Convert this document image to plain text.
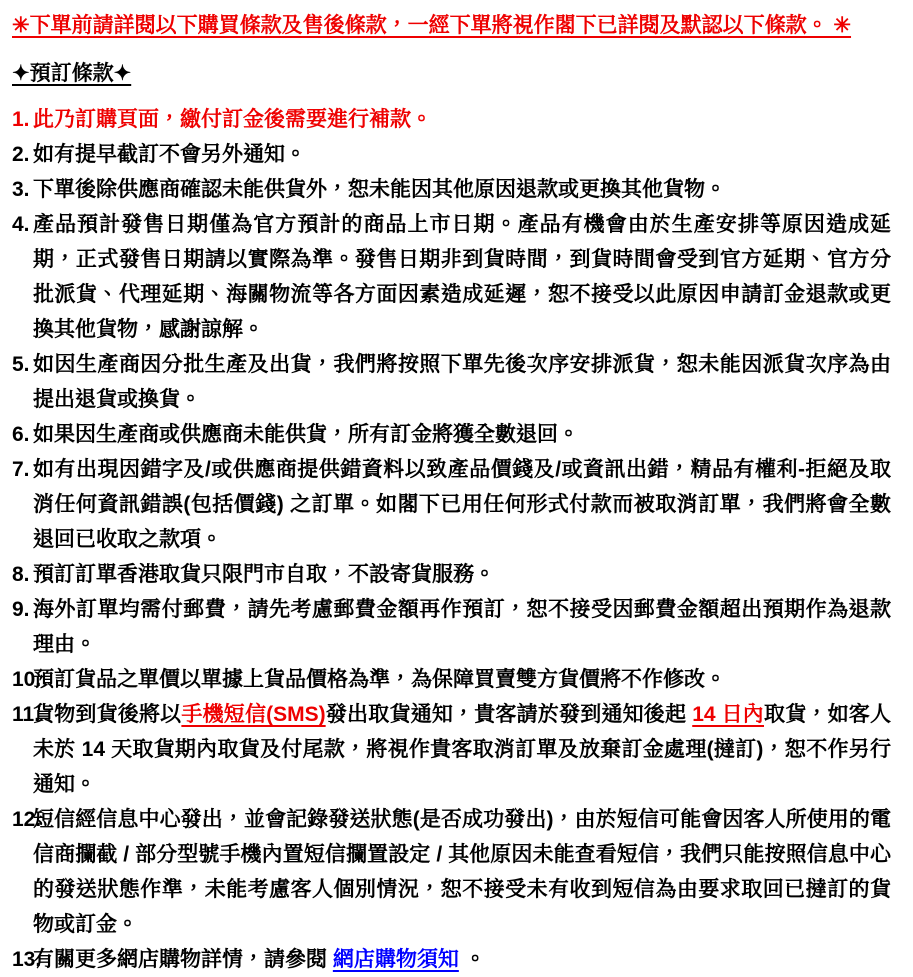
✳下單前請詳閱以下購買條款及售後條款，一經下單將視作閣下已詳閱及默認以下條款。 ✳
✦預訂條款✦
1. 此乃訂購頁面，繳付訂金後需要進行補款。
2. 如有提早截訂不會另外通知。
3. 下單後除供應商確認未能供貨外，恕未能因其他原因退款或更換其他貨物。
4. 產品預計發售日期僅為官方預計的商品上市日期。產品有機會由於生產安排等原因造成延期，正式發售日期請以實際為準。發售日期非到貨時間，到貨時間會受到官方延期、官方分批派貨、代理延期、海關物流等各方面因素造成延遲，恕不接受以此原因申請訂金退款或更換其他貨物，感謝諒解。
5. 如因生產商因分批生產及出貨，我們將按照下單先後次序安排派貨，恕未能因派貨次序為由提出退貨或換貨。
6. 如果因生產商或供應商未能供貨，所有訂金將獲全數退回。
7. 如有出現因錯字及/或供應商提供錯資料以致產品價錢及/或資訊出錯，精品有權利-拒絕及取消任何資訊錯誤(包括價錢) 之訂單。如閣下已用任何形式付款而被取消訂單，我們將會全數退回已收取之款項。
8. 預訂訂單香港取貨只限門市自取，不設寄貨服務。
9. 海外訂單均需付郵費，請先考慮郵費金額再作預訂，恕不接受因郵費金額超出預期作為退款理由。
10.
預訂貨品之單價以單據上貨品價格為準，為保障買賣雙方貨價將不作修改。
11.
貨物到貨後將以手機短信(SMS)發出取貨通知，貴客請於發到通知後起 14 日內取貨，如客人未於 14 天取貨期內取貨及付尾款，將視作貴客取消訂單及放棄訂金處理(撻訂)，恕不作另行通知。
12.
短信經信息中心發出，並會記錄發送狀態(是否成功發出)，由於短信可能會因客人所使用的電信商攔截 / 部分型號手機內置短信攔置設定 / 其他原因未能查看短信，我們只能按照信息中心的發送狀態作準，未能考慮客人個別情況，恕不接受未有收到短信為由要求取回已撻訂的貨物或訂金。
13.
有關更多網店購物詳情，請參閱 網店購物須知 。
